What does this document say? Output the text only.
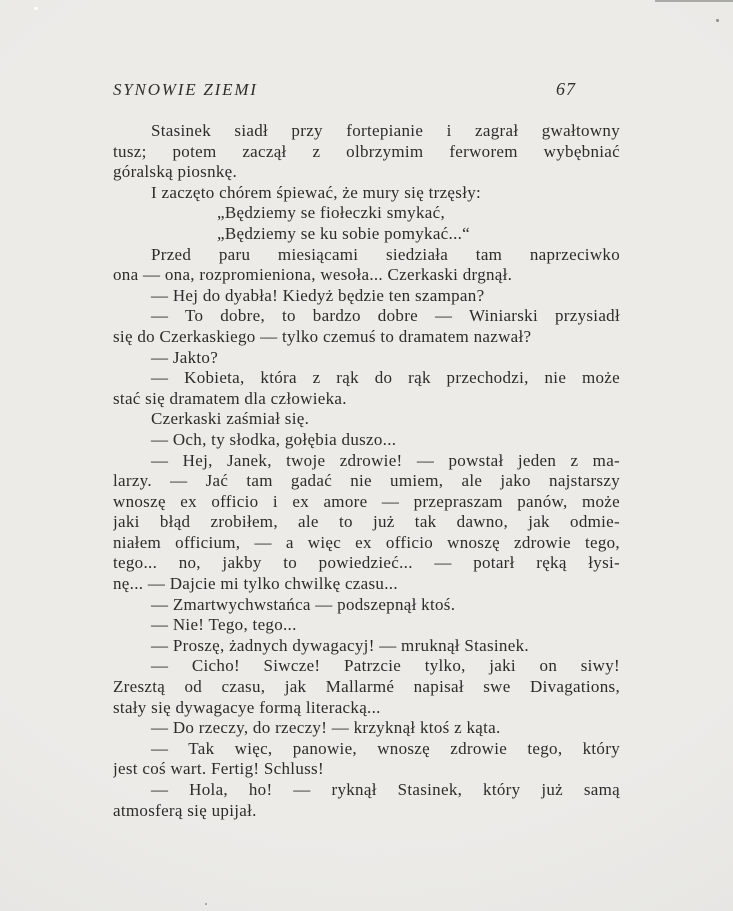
SYNOWIE ZIEMI	67
Stasinek siadł przy fortepianie i zagrał gwałtowny
tusz; potem zaczął z olbrzymim ferworem wybębniać
góralską piosnkę.
I zaczęto chórem śpiewać, że mury się trzęsły:
„Będziemy se fiołeczki smykać,
„Będziemy se ku sobie pomykać...“
Przed paru miesiącami siedziała tam naprzeciwko
ona — ona, rozpromieniona, wesoła... Czerkaski drgnął.
— Hej do dyabła! Kiedyż będzie ten szampan?
— To dobre, to bardzo dobre — Winiarski przysiadł
się do Czerkaskiego — tylko czemuś to dramatem nazwał?
— Jakto?
— Kobieta, która z rąk do rąk przechodzi, nie może
stać się dramatem dla człowieka.
Czerkaski zaśmiał się.
— Och, ty słodka, gołębia duszo...
— Hej, Janek, twoje zdrowie! — powstał jeden z ma-
larzy. — Jać tam gadać nie umiem, ale jako najstarszy
wnoszę ex officio i ex amore — przepraszam panów, może
jaki błąd zrobiłem, ale to już tak dawno, jak odmie-
niałem officium, — a więc ex officio wnoszę zdrowie tego,
tego... no, jakby to powiedzieć... — potarł ręką łysi-
nę... — Dajcie mi tylko chwilkę czasu...
— Zmartwychwstańca — podszepnął ktoś.
— Nie! Tego, tego...
— Proszę, żadnych dywagacyj! — mruknął Stasinek.
— Cicho! Siwcze! Patrzcie tylko, jaki on siwy!
Zresztą od czasu, jak Mallarmé napisał swe Divagations,
stały się dywagacye formą literacką...
— Do rzeczy, do rzeczy! — krzyknął ktoś z kąta.
— Tak więc, panowie, wnoszę zdrowie tego, który
jest coś wart. Fertig! Schluss!
— Hola, ho! — ryknął Stasinek, który już samą
atmosferą się upijał.
